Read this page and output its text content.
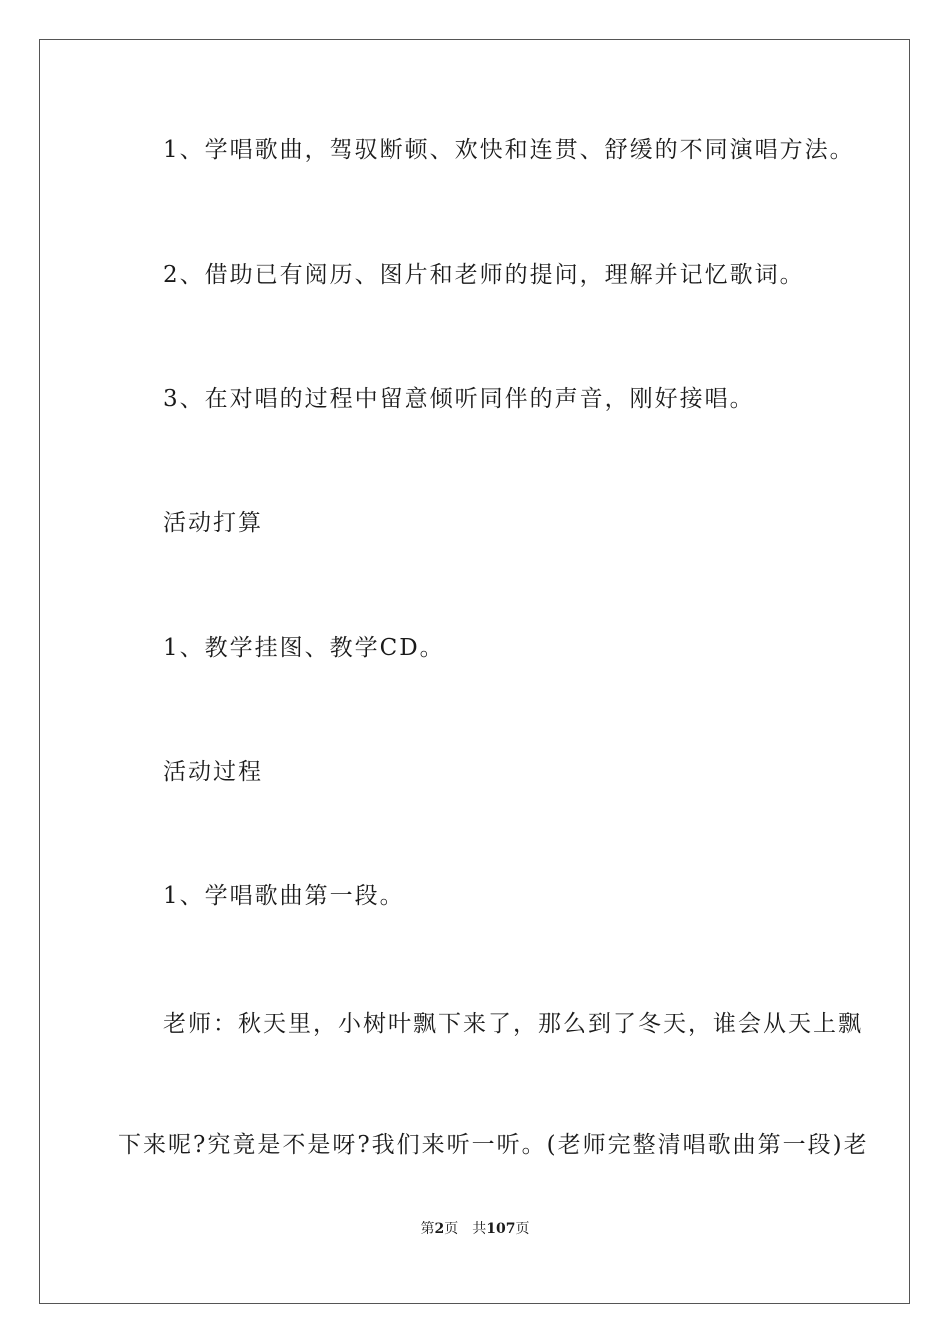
1、学唱歌曲，驾驭断顿、欢快和连贯、舒缓的不同演唱方法。
2、借助已有阅历、图片和老师的提问，理解并记忆歌词。
3、在对唱的过程中留意倾听同伴的声音，刚好接唱。
活动打算
1、教学挂图、教学CD。
活动过程
1、学唱歌曲第一段。
老师：秋天里，小树叶飘下来了，那么到了冬天，谁会从天上飘
下来呢?究竟是不是呀?我们来听一听。(老师完整清唱歌曲第一段)老
第2页 共107页
